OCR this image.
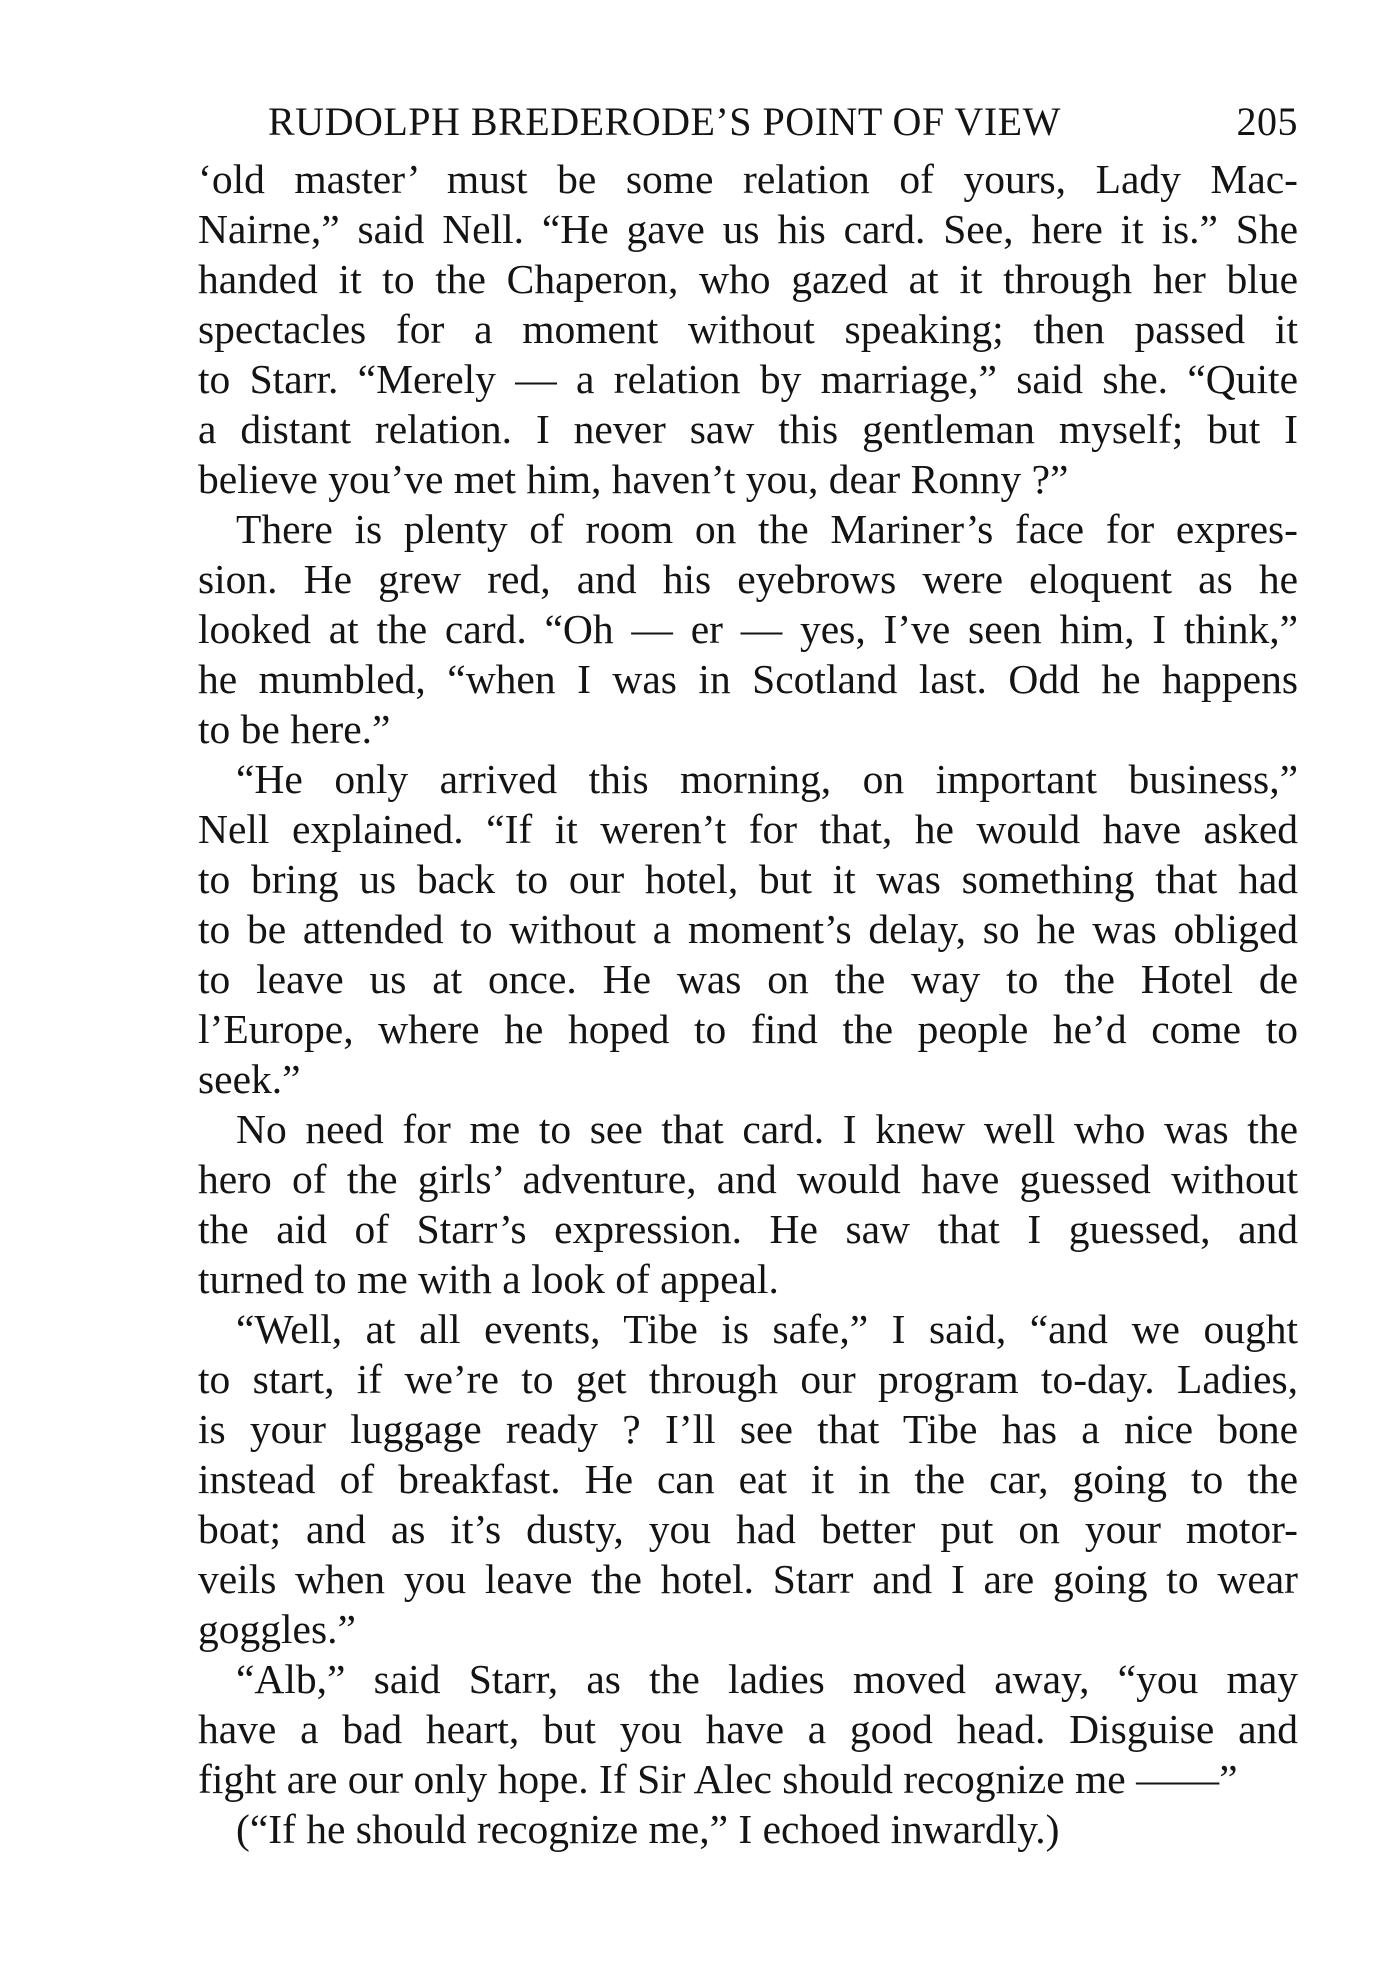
RUDOLPH BREDERODE’S POINT OF VIEW	205
‘old master’ must be some relation of yours, Lady Mac-
Nairne,” said Nell. “He gave us his card. See, here it is.” She
handed it to the Chaperon, who gazed at it through her blue
spectacles for a moment without speaking; then passed it
to Starr. “Merely — a relation by marriage,” said she. “Quite
a distant relation. I never saw this gentleman myself; but I
believe you’ve met him, haven’t you, dear Ronny ?”
There is plenty of room on the Mariner’s face for expres-
sion. He grew red, and his eyebrows were eloquent as he
looked at the card. “Oh — er — yes, I’ve seen him, I think,”
he mumbled, “when I was in Scotland last. Odd he happens
to be here.”
“He only arrived this morning, on important business,”
Nell explained. “If it weren’t for that, he would have asked
to bring us back to our hotel, but it was something that had
to be attended to without a moment’s delay, so he was obliged
to leave us at once. He was on the way to the Hotel de
l’Europe, where he hoped to find the people he’d come to
seek.”
No need for me to see that card. I knew well who was the
hero of the girls’ adventure, and would have guessed without
the aid of Starr’s expression. He saw that I guessed, and
turned to me with a look of appeal.
“Well, at all events, Tibe is safe,” I said, “and we ought
to start, if we’re to get through our program to-day. Ladies,
is your luggage ready ? I’ll see that Tibe has a nice bone
instead of breakfast. He can eat it in the car, going to the
boat; and as it’s dusty, you had better put on your motor-
veils when you leave the hotel. Starr and I are going to wear
goggles.”
“Alb,” said Starr, as the ladies moved away, “you may
have a bad heart, but you have a good head. Disguise and
fight are our only hope. If Sir Alec should recognize me ——”
(“If he should recognize me,” I echoed inwardly.)
